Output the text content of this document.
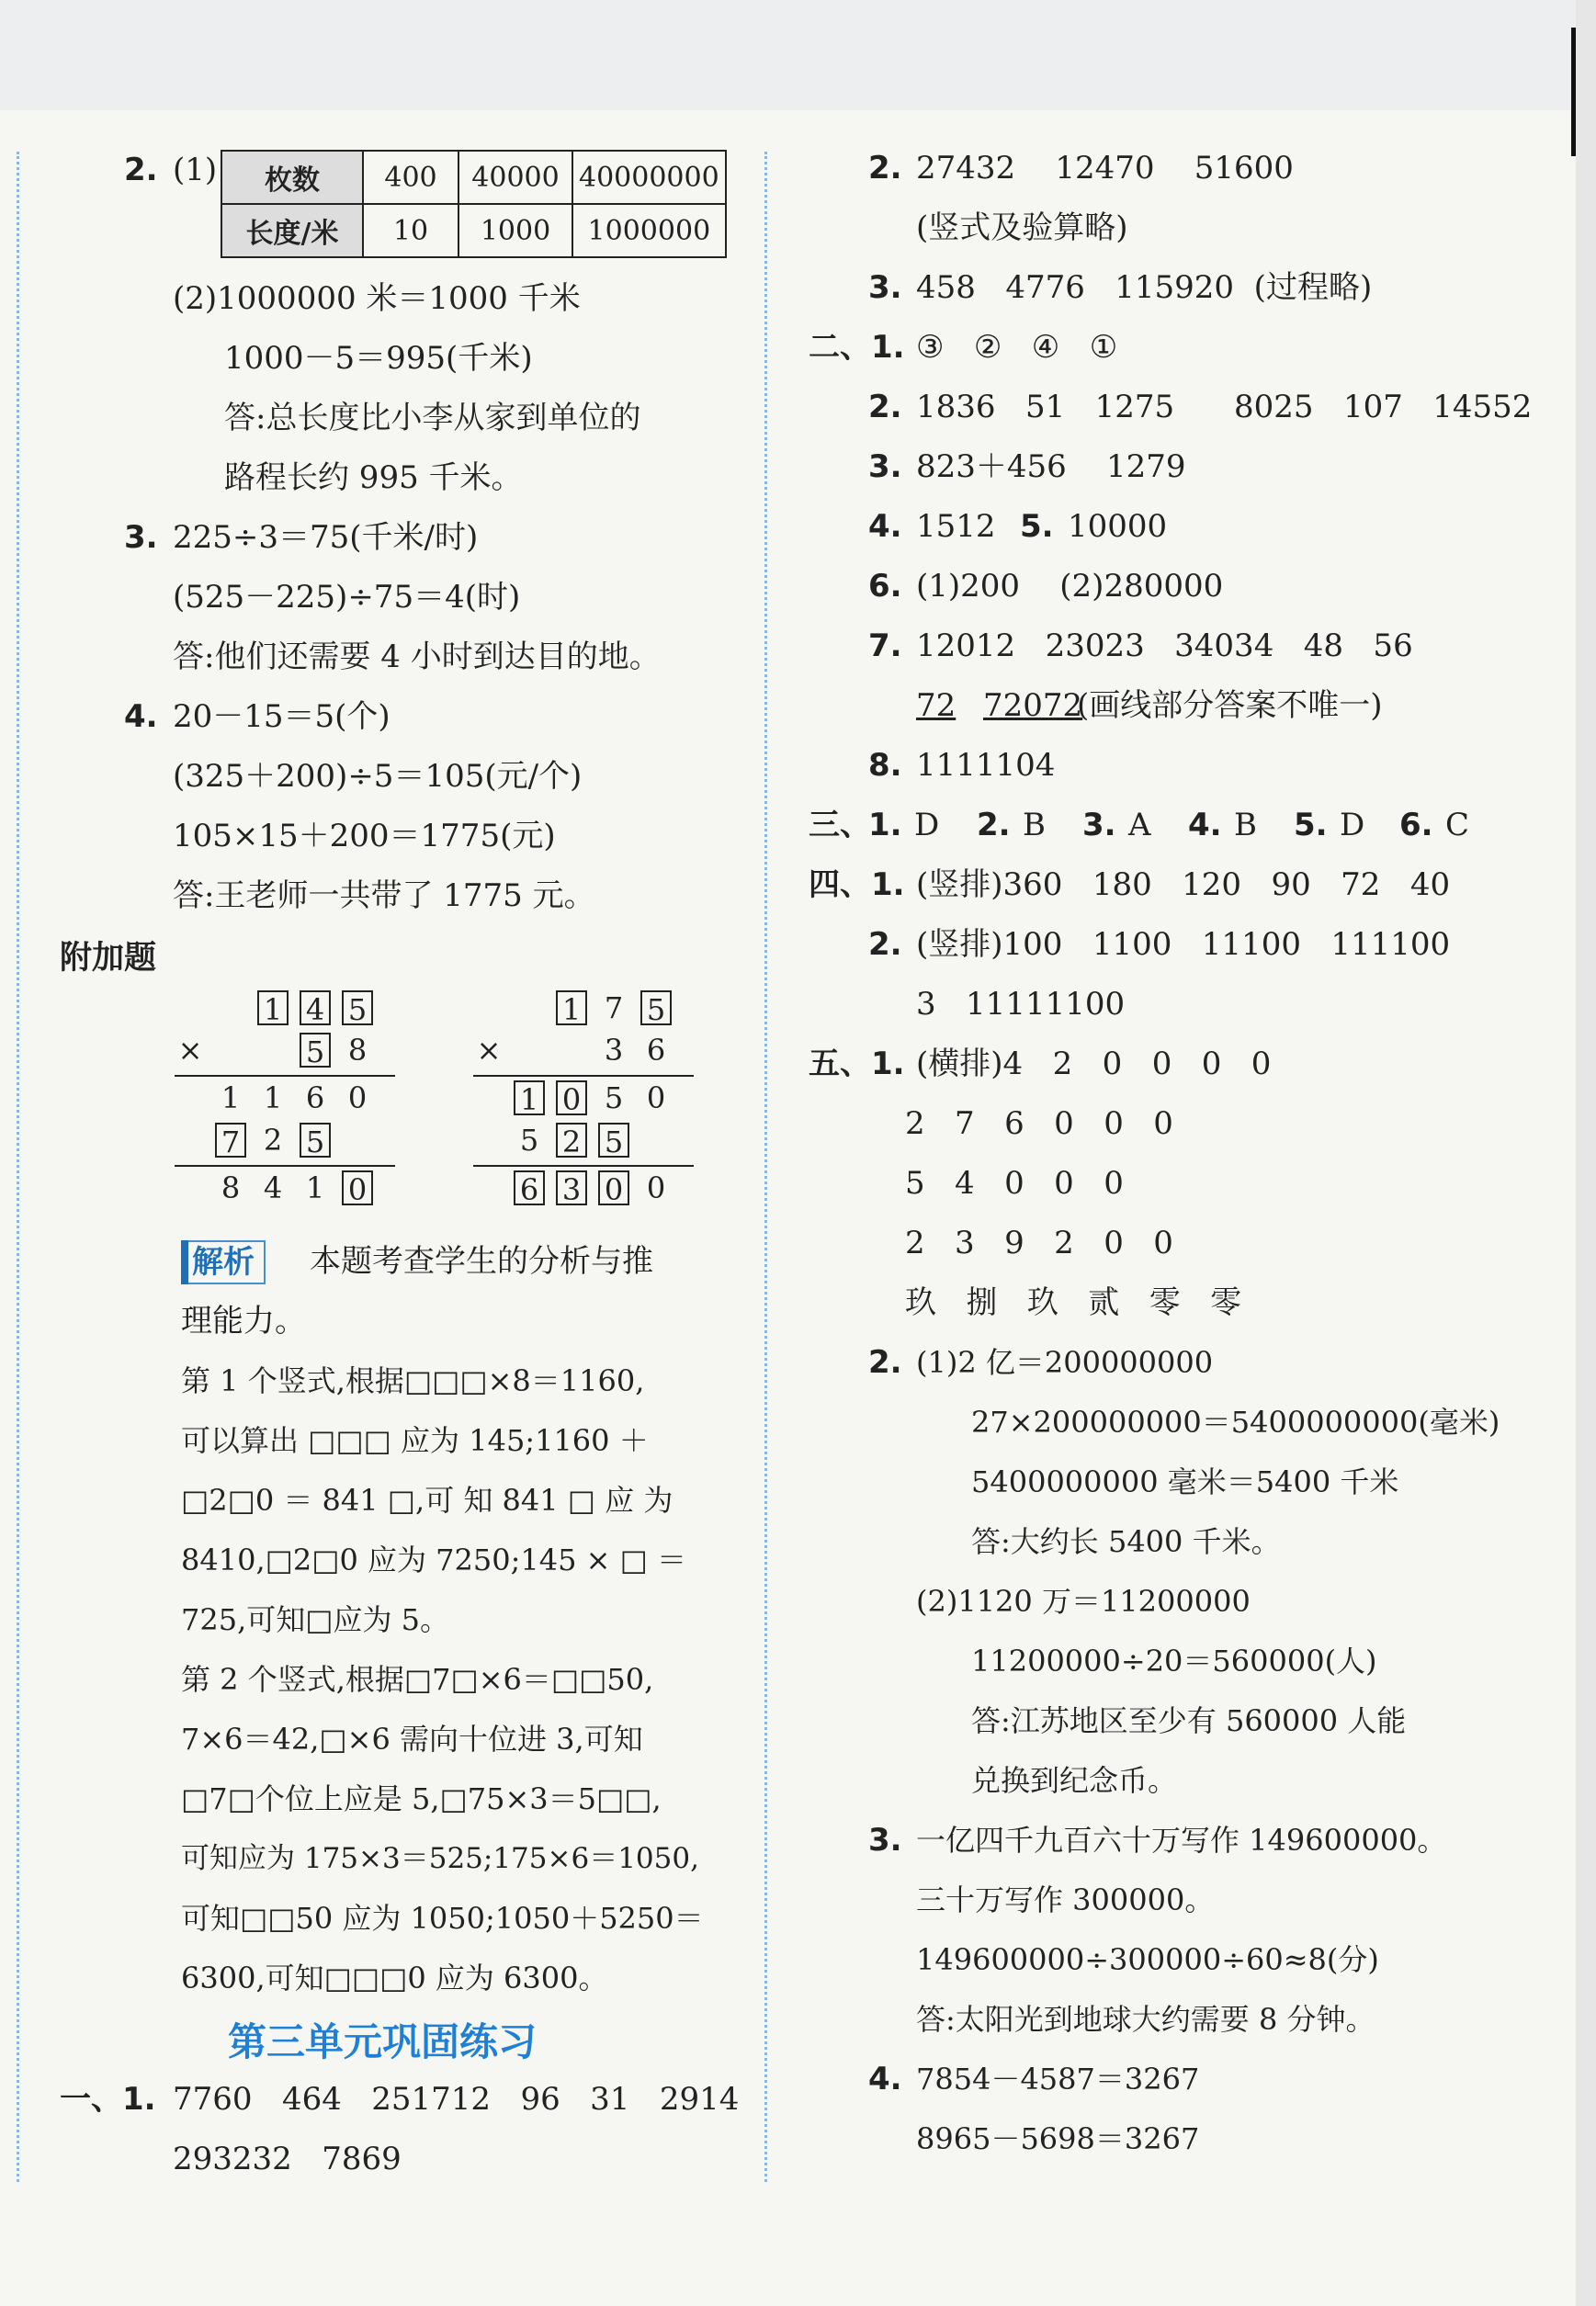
2. (1) 枚数	400	40000	40000000
长度/米	10	1000	1000000
(2)1000000 米＝1000 千米
1000－5＝995(千米)
答:总长度比小李从家到单位的
路程长约 995 千米。
3. 225÷3＝75(千米/时)
(525－225)÷75＝4(时)
答:他们还需要 4 小时到达目的地。
4. 20－15＝5(个)
(325＋200)÷5＝105(元/个)
105×15＋200＝1775(元)
答:王老师一共带了 1775 元。
附加题
1 4 5
×	5 8
1 1 6 0
7 2 5
8 4 1 0
1 7 5
×	3 6
1 0 5 0
5 2 5
6 3 0 0
解析	本题考查学生的分析与推
理能力。
第 1 个竖式,根据□□□×8＝1160,
可以算出 □□□ 应为 145;1160 ＋
□2□0 ＝ 841 □,可 知 841 □ 应 为
8410,□2□0 应为 7250;145 × □ ＝
725,可知□应为 5。
第 2 个竖式,根据□7□×6＝□□50,
7×6＝42,□×6 需向十位进 3,可知
□7□个位上应是 5,□75×3＝5□□,
可知应为 175×3＝525;175×6＝1050,
可知□□50 应为 1050;1050＋5250＝
6300,可知□□□0 应为 6300。
第三单元巩固练习
一、1. 7760   464   251712   96   31   2914
293232   7869
2. 27432    12470    51600
(竖式及验算略)
3. 458   4776   115920  (过程略)
二、1. ③   ②   ④   ①
2. 1836   51   1275      8025   107   14552
3. 823＋456    1279
4. 1512
5. 10000
6. (1)200    (2)280000
7. 12012   23023   34034   48   56
72 72072
(画线部分答案不唯一)
8. 1111104
三、
1. D 2. B 3. A 4. B 5. D 6. C
四、1. (竖排)360   180   120   90   72   40
2. (竖排)100   1100   11100   111100
3   11111100
五、1. (横排)4   2   0   0   0   0
2   7   6   0   0   0
5   4   0   0   0
2   3   9   2   0   0
玖   捌   玖   贰   零   零
2. (1)2 亿＝200000000
27×200000000＝5400000000(毫米)
5400000000 毫米＝5400 千米
答:大约长 5400 千米。
(2)1120 万＝11200000
11200000÷20＝560000(人)
答:江苏地区至少有 560000 人能
兑换到纪念币。
3. 一亿四千九百六十万写作 149600000。
三十万写作 300000。
149600000÷300000÷60≈8(分)
答:太阳光到地球大约需要 8 分钟。
4. 7854－4587＝3267
8965－5698＝3267
